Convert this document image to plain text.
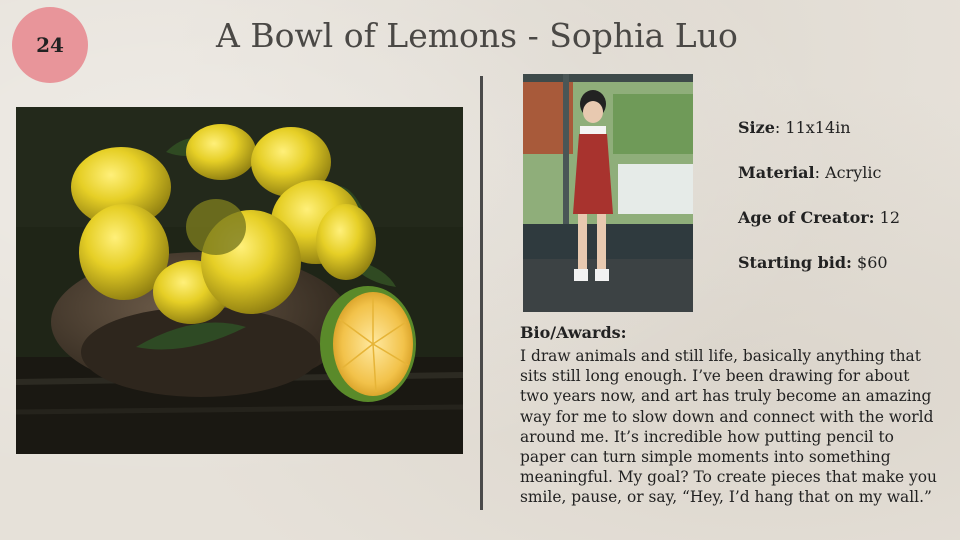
24	A Bowl of Lemons - Sophia Luo
Size: 11x14in
Material: Acrylic
Age of Creator: 12
Starting bid: $60
Bio/Awards:
I draw animals and still life, basically anything that sits still long enough. I’ve been drawing for about two years now, and art has truly become an amazing way for me to slow down and connect with the world around me. It’s incredible how putting pencil to paper can turn simple moments into something meaningful. My goal? To create pieces that make you smile, pause, or say, “Hey, I’d hang that on my wall.”
